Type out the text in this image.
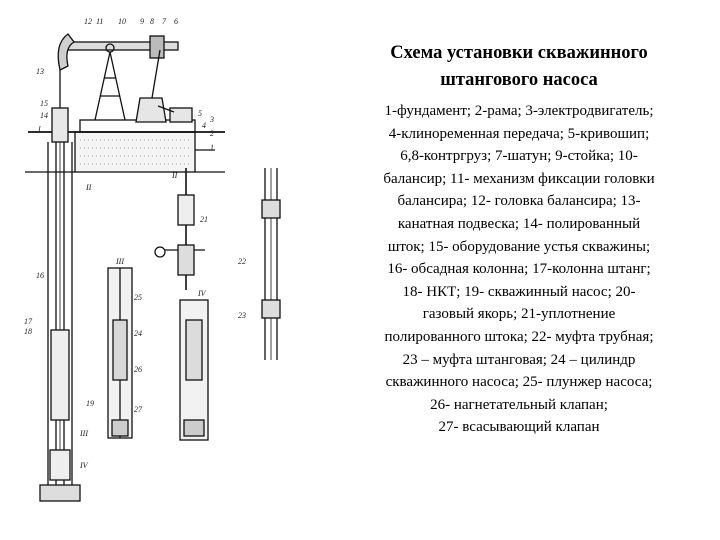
12 11 10 9 8 7 6
5
4
3
2
1
13
15
14
I
II
16
17
18
19
II
21
III	22
23
IV
25
24
26
27
III
IV
Схема установки скважинного
штангового насоса
1-фундамент; 2-рама; 3-электродвигатель;
4-клиноременная передача; 5-кривошип;
6,8-контргруз; 7-шатун; 9-стойка; 10-
балансир; 11- механизм фиксации головки
балансира; 12- головка балансира; 13-
канатная подвеска; 14- полированный
шток; 15- оборудование устья скважины;
16- обсадная колонна; 17-колонна штанг;
18- НКТ; 19- скважинный насос; 20-
газовый якорь; 21-уплотнение
полированного штока; 22- муфта трубная;
23 – муфта штанговая; 24 – цилиндр
скважинного насоса; 25- плунжер насоса;
26- нагнетательный клапан;
27- всасывающий клапан
